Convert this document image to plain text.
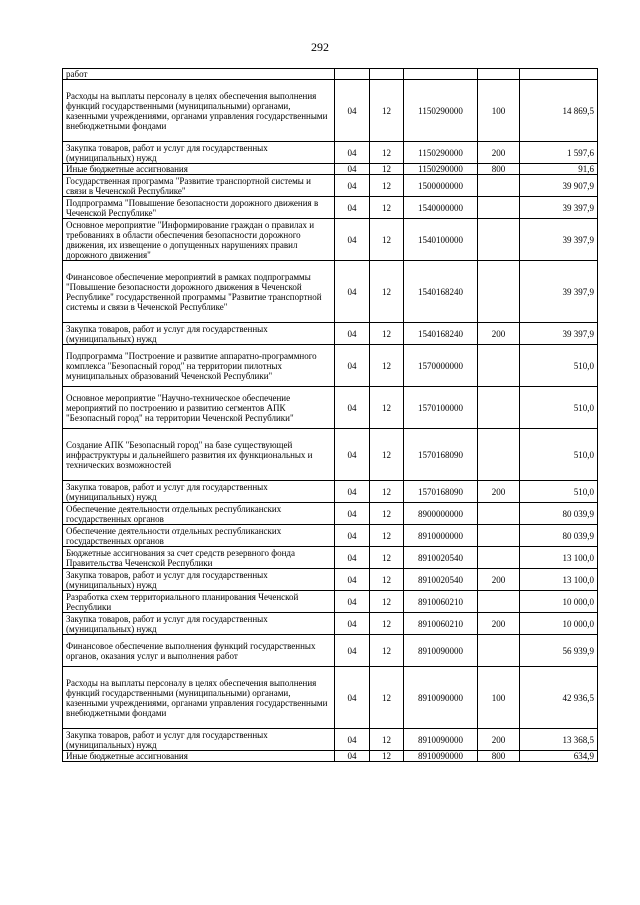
292
работ					
Расходы на выплаты персоналу в целях обеспечения выполнения функций государственными (муниципальными) органами, казенными учреждениями, органами управления государственными внебюджетными фондами	04	12	1150290000	100	14 869,5
Закупка товаров, работ и услуг для государственных (муниципальных) нужд	04	12	1150290000	200	1 597,6
Иные бюджетные ассигнования	04	12	1150290000	800	91,6
Государственная программа "Развитие транспортной системы и связи в Чеченской Республике"	04	12	1500000000		39 907,9
Подпрограмма "Повышение безопасности дорожного движения в Чеченской Республике"	04	12	1540000000		39 397,9
Основное мероприятие "Информирование граждан о правилах и требованиях в области обеспечения безопасности дорожного движения, их извещение о допущенных нарушениях правил дорожного движения"	04	12	1540100000		39 397,9
Финансовое обеспечение мероприятий в рамках подпрограммы "Повышение безопасности дорожного движения в Чеченской Республике" государственной программы "Развитие транспортной системы и связи в Чеченской Республике"	04	12	1540168240		39 397,9
Закупка товаров, работ и услуг для государственных (муниципальных) нужд	04	12	1540168240	200	39 397,9
Подпрограмма "Построение и развитие аппаратно-программного комплекса "Безопасный город" на территории пилотных муниципальных образований Чеченской Республики"	04	12	1570000000		510,0
Основное мероприятие "Научно-техническое обеспечение мероприятий по построению и развитию сегментов АПК "Безопасный город" на территории Чеченской Республики"	04	12	1570100000		510,0
Создание АПК "Безопасный город" на базе существующей инфраструктуры и дальнейшего развития их функциональных и технических возможностей	04	12	1570168090		510,0
Закупка товаров, работ и услуг для государственных (муниципальных) нужд	04	12	1570168090	200	510,0
Обеспечение деятельности отдельных республиканских государственных органов	04	12	8900000000		80 039,9
Обеспечение деятельности отдельных республиканских государственных органов	04	12	8910000000		80 039,9
Бюджетные ассигнования за счет средств резервного фонда Правительства Чеченской Республики	04	12	8910020540		13 100,0
Закупка товаров, работ и услуг для государственных (муниципальных) нужд	04	12	8910020540	200	13 100,0
Разработка схем территориального планирования Чеченской Республики	04	12	8910060210		10 000,0
Закупка товаров, работ и услуг для государственных (муниципальных) нужд	04	12	8910060210	200	10 000,0
Финансовое обеспечение выполнения функций государственных органов, оказания услуг и выполнения работ	04	12	8910090000		56 939,9
Расходы на выплаты персоналу в целях обеспечения выполнения функций государственными (муниципальными) органами, казенными учреждениями, органами управления государственными внебюджетными фондами	04	12	8910090000	100	42 936,5
Закупка товаров, работ и услуг для государственных (муниципальных) нужд	04	12	8910090000	200	13 368,5
Иные бюджетные ассигнования	04	12	8910090000	800	634,9
